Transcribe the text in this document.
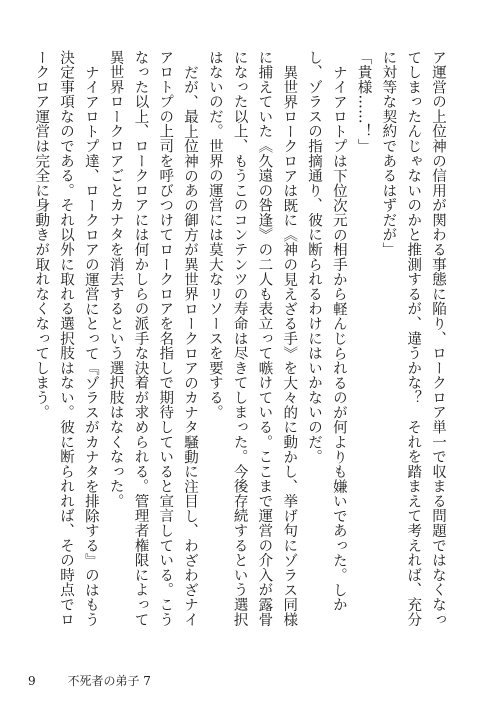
ア運営の上位神の信用が関わる事態に陥り、ロークロア単一で収まる問題ではなくなってしまったんじゃないのかと推測するが、違うかな？　それを踏まえて考えれば、充分に対等な契約であるはずだが」

「貴様……！」

ナイアロトプは下位次元の相手から軽んじられるのが何よりも嫌いであった。しかし、ゾラスの指摘通り、彼に断られるわけにはいかないのだ。

異世界ロークロアは既に《神の見えざる手》を大々的に動かし、挙げ句にゾラス同様に捕えていた《久遠の咎逢》の二人も表立って嗾けている。ここまで運営の介入が露骨になった以上、もうこのコンテンツの寿命は尽きてしまった。今後存続するという選択はないのだ。世界の運営には莫大なリソースを要する。

だが、最上位神のあの御方が異世界ロークロアのカナタ騒動に注目し、わざわざナイアロトプの上司を呼びつけてロークロアを名指しで期待していると宣言している。こうなった以上、ロークロアには何かしらの派手な決着が求められる。管理者権限によって異世界ロークロアごとカナタを消去するという選択肢はなくなった。

ナイアロトプ達、ロークロアの運営にとって『ゾラスがカナタを排除する』のはもう決定事項なのである。それ以外に取れる選択肢はない。彼に断られれば、その時点でロークロア運営は完全に身動きが取れなくなってしまう。

9	不死者の弟子 7
